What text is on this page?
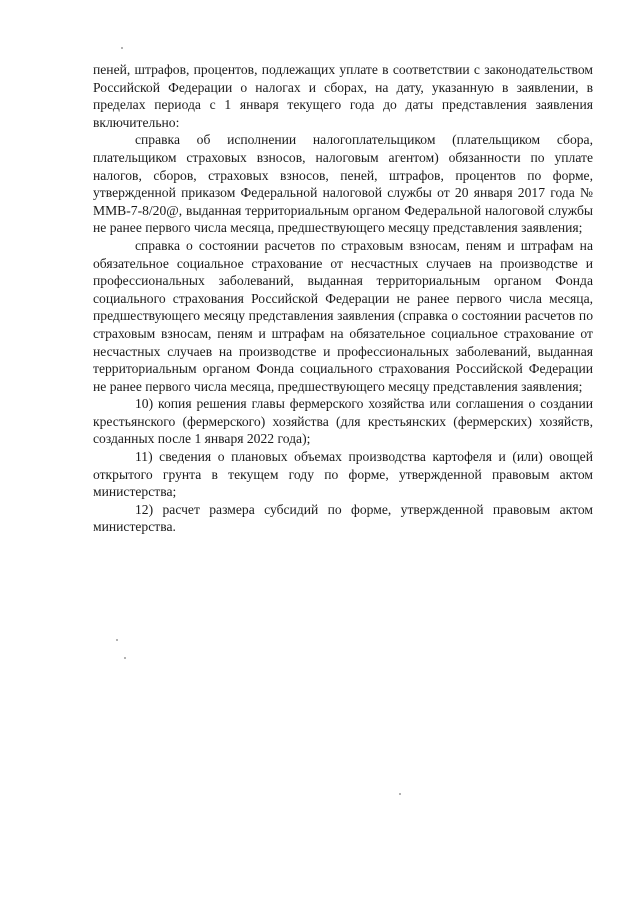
пеней, штрафов, процентов, подлежащих уплате в соответствии с законодательством Российской Федерации о налогах и сборах, на дату, указанную в заявлении, в пределах периода с 1 января текущего года до даты представления заявления включительно:

справка об исполнении налогоплательщиком (плательщиком сбора, плательщиком страховых взносов, налоговым агентом) обязанности по уплате налогов, сборов, страховых взносов, пеней, штрафов, процентов по форме, утвержденной приказом Федеральной налоговой службы от 20 января 2017 года № ММВ-7-8/20@, выданная территориальным органом Федеральной налоговой службы не ранее первого числа месяца, предшествующего месяцу представления заявления;

справка о состоянии расчетов по страховым взносам, пеням и штрафам на обязательное социальное страхование от несчастных случаев на производстве и профессиональных заболеваний, выданная территориальным органом Фонда социального страхования Российской Федерации не ранее первого числа месяца, предшествующего месяцу представления заявления (справка о состоянии расчетов по страховым взносам, пеням и штрафам на обязательное социальное страхование от несчастных случаев на производстве и профессиональных заболеваний, выданная территориальным органом Фонда социального страхования Российской Федерации не ранее первого числа месяца, предшествующего месяцу представления заявления;

10) копия решения главы фермерского хозяйства или соглашения о создании крестьянского (фермерского) хозяйства (для крестьянских (фермерских) хозяйств, созданных после 1 января 2022 года);

11) сведения о плановых объемах производства картофеля и (или) овощей открытого грунта в текущем году по форме, утвержденной правовым актом министерства;

12) расчет размера субсидий по форме, утвержденной правовым актом министерства.
